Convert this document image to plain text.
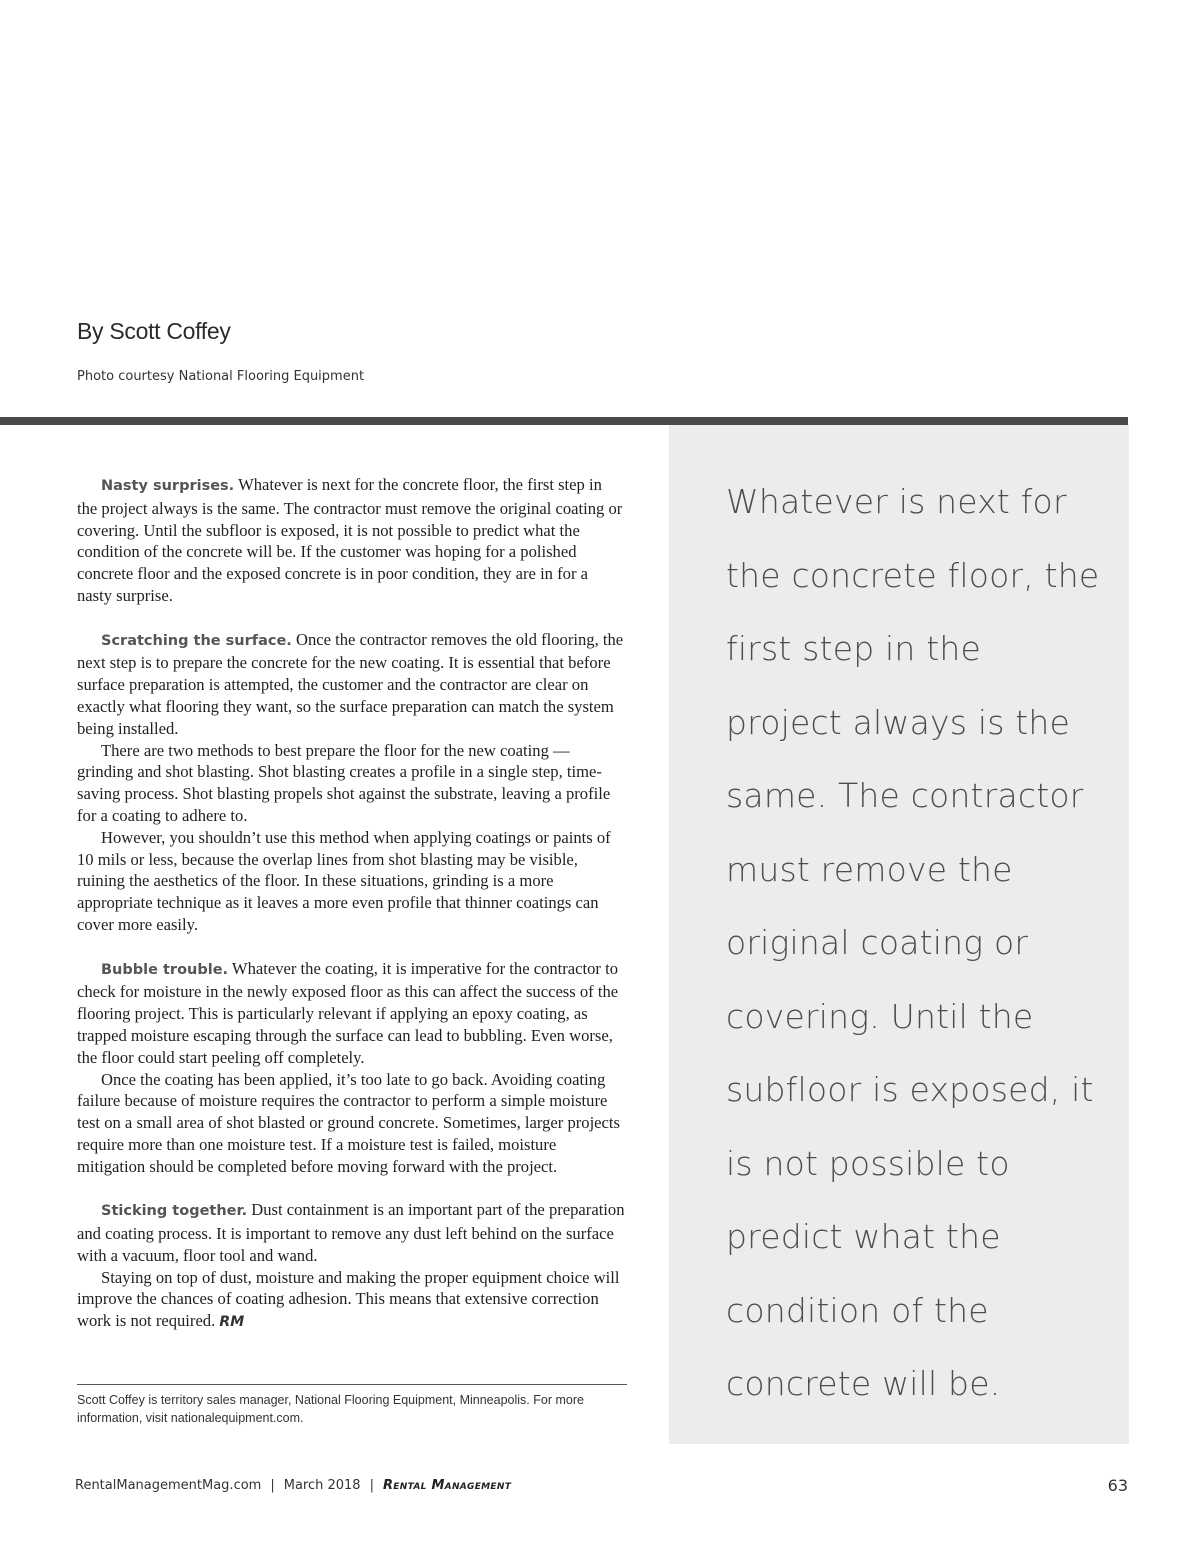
By Scott Coffey
Photo courtesy National Flooring Equipment

Nasty surprises. Whatever is next for the concrete floor, the first step in the project always is the same. The contractor must remove the original coating or covering. Until the subfloor is exposed, it is not possible to predict what the condition of the concrete will be. If the customer was hoping for a polished concrete floor and the exposed concrete is in poor condition, they are in for a nasty surprise.

Scratching the surface. Once the contractor removes the old flooring, the next step is to prepare the concrete for the new coating. It is essential that before surface preparation is attempted, the customer and the contractor are clear on exactly what flooring they want, so the surface preparation can match the system being installed.

There are two methods to best prepare the floor for the new coating — grinding and shot blasting. Shot blasting creates a profile in a single step, time-saving process. Shot blasting propels shot against the substrate, leaving a profile for a coating to adhere to.

However, you shouldn’t use this method when applying coatings or paints of 10 mils or less, because the overlap lines from shot blasting may be visible, ruining the aesthetics of the floor. In these situations, grinding is a more appropriate technique as it leaves a more even profile that thinner coatings can cover more easily.

Bubble trouble. Whatever the coating, it is imperative for the contractor to check for moisture in the newly exposed floor as this can affect the success of the flooring project. This is particularly relevant if applying an epoxy coating, as trapped moisture escaping through the surface can lead to bubbling. Even worse, the floor could start peeling off completely.

Once the coating has been applied, it’s too late to go back. Avoiding coating failure because of moisture requires the contractor to perform a simple moisture test on a small area of shot blasted or ground concrete. Sometimes, larger projects require more than one moisture test. If a moisture test is failed, moisture mitigation should be completed before moving forward with the project.

Sticking together. Dust containment is an important part of the preparation and coating process. It is important to remove any dust left behind on the surface with a vacuum, floor tool and wand.

Staying on top of dust, moisture and making the proper equipment choice will improve the chances of coating adhesion. This means that extensive correction work is not required. RM

Scott Coffey is territory sales manager, National Flooring Equipment, Minneapolis. For more information, visit nationalequipment.com.
Whatever is next for the concrete floor, the first step in the project always is the same. The contractor must remove the original coating or covering. Until the subfloor is exposed, it is not possible to predict what the condition of the concrete will be.
RentalManagementMag.com | March 2018 | Rental Management	63
